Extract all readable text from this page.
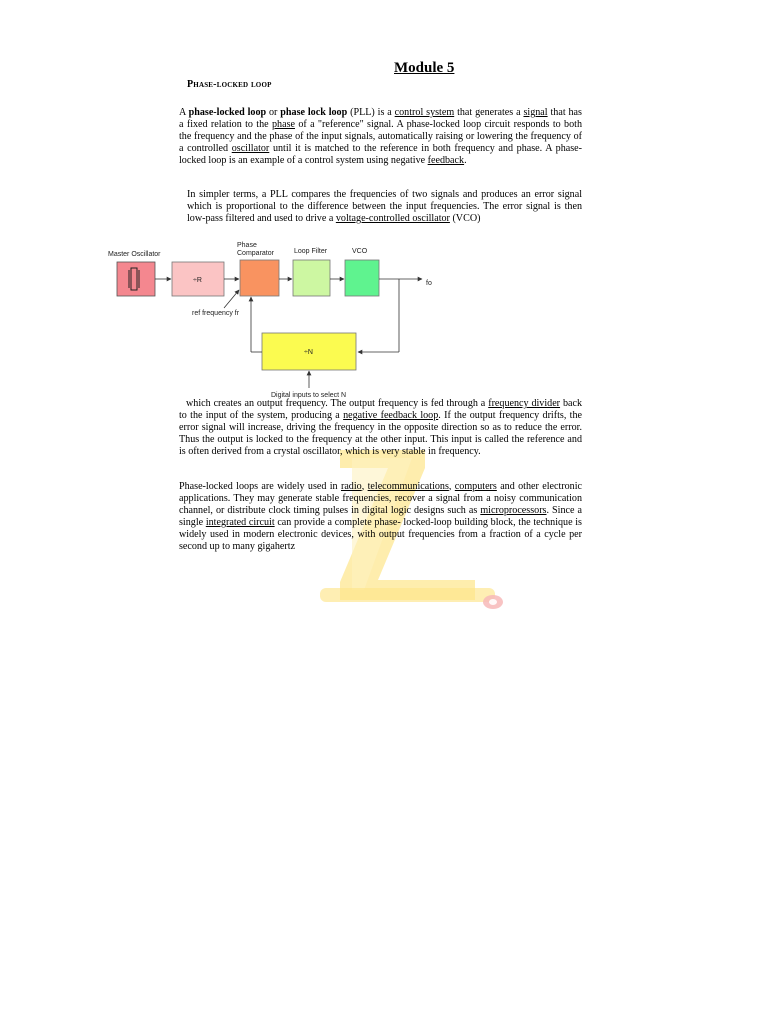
Module 5
Phase-locked loop
A phase-locked loop or phase lock loop (PLL) is a control system that generates a signal that has a fixed relation to the phase of a "reference" signal. A phase-locked loop circuit responds to both the frequency and the phase of the input signals, automatically raising or lowering the frequency of a controlled oscillator until it is matched to the reference in both frequency and phase. A phase-locked loop is an example of a control system using negative feedback.
In simpler terms, a PLL compares the frequencies of two signals and produces an error signal which is proportional to the difference between the input frequencies. The error signal is then low-pass filtered and used to drive a voltage-controlled oscillator (VCO)
Master Oscillator
Phase
Comparator	Loop Filter	VCO
÷R	fo
ref frequency fr
÷N
Digital inputs to select N
which creates an output frequency. The output frequency is fed through a frequency divider back to the input of the system, producing a negative feedback loop. If the output frequency drifts, the error signal will increase, driving the frequency in the opposite direction so as to reduce the error. Thus the output is locked to the frequency at the other input. This input is called the reference and is often derived from a crystal oscillator, which is very stable in frequency.
Phase-locked loops are widely used in radio, telecommunications, computers and other electronic applications. They may generate stable frequencies, recover a signal from a noisy communication channel, or distribute clock timing pulses in digital logic designs such as microprocessors. Since a single integrated circuit can provide a complete phase- locked-loop building block, the technique is widely used in modern electronic devices, with output frequencies from a fraction of a cycle per second up to many gigahertz
